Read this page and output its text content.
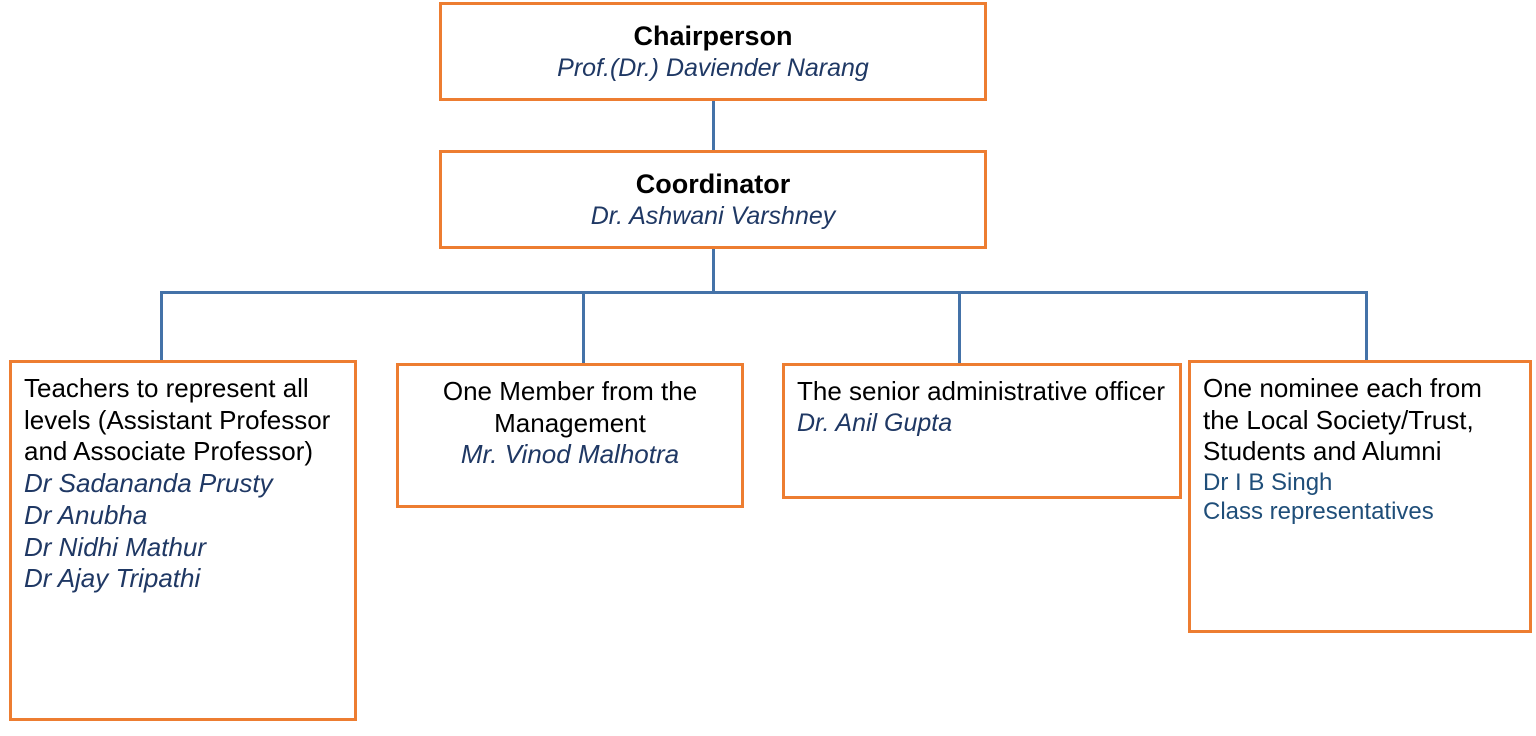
Chairperson
Prof.(Dr.) Daviender Narang
Coordinator
Dr. Ashwani Varshney
Teachers to represent all levels (Assistant Professor and Associate Professor)
Dr Sadananda Prusty
Dr Anubha
Dr Nidhi Mathur
Dr Ajay Tripathi
One Member from the Management
Mr. Vinod Malhotra
The senior administrative officer
Dr. Anil Gupta
One nominee each from the Local Society/Trust, Students and Alumni
Dr I B Singh
Class representatives
